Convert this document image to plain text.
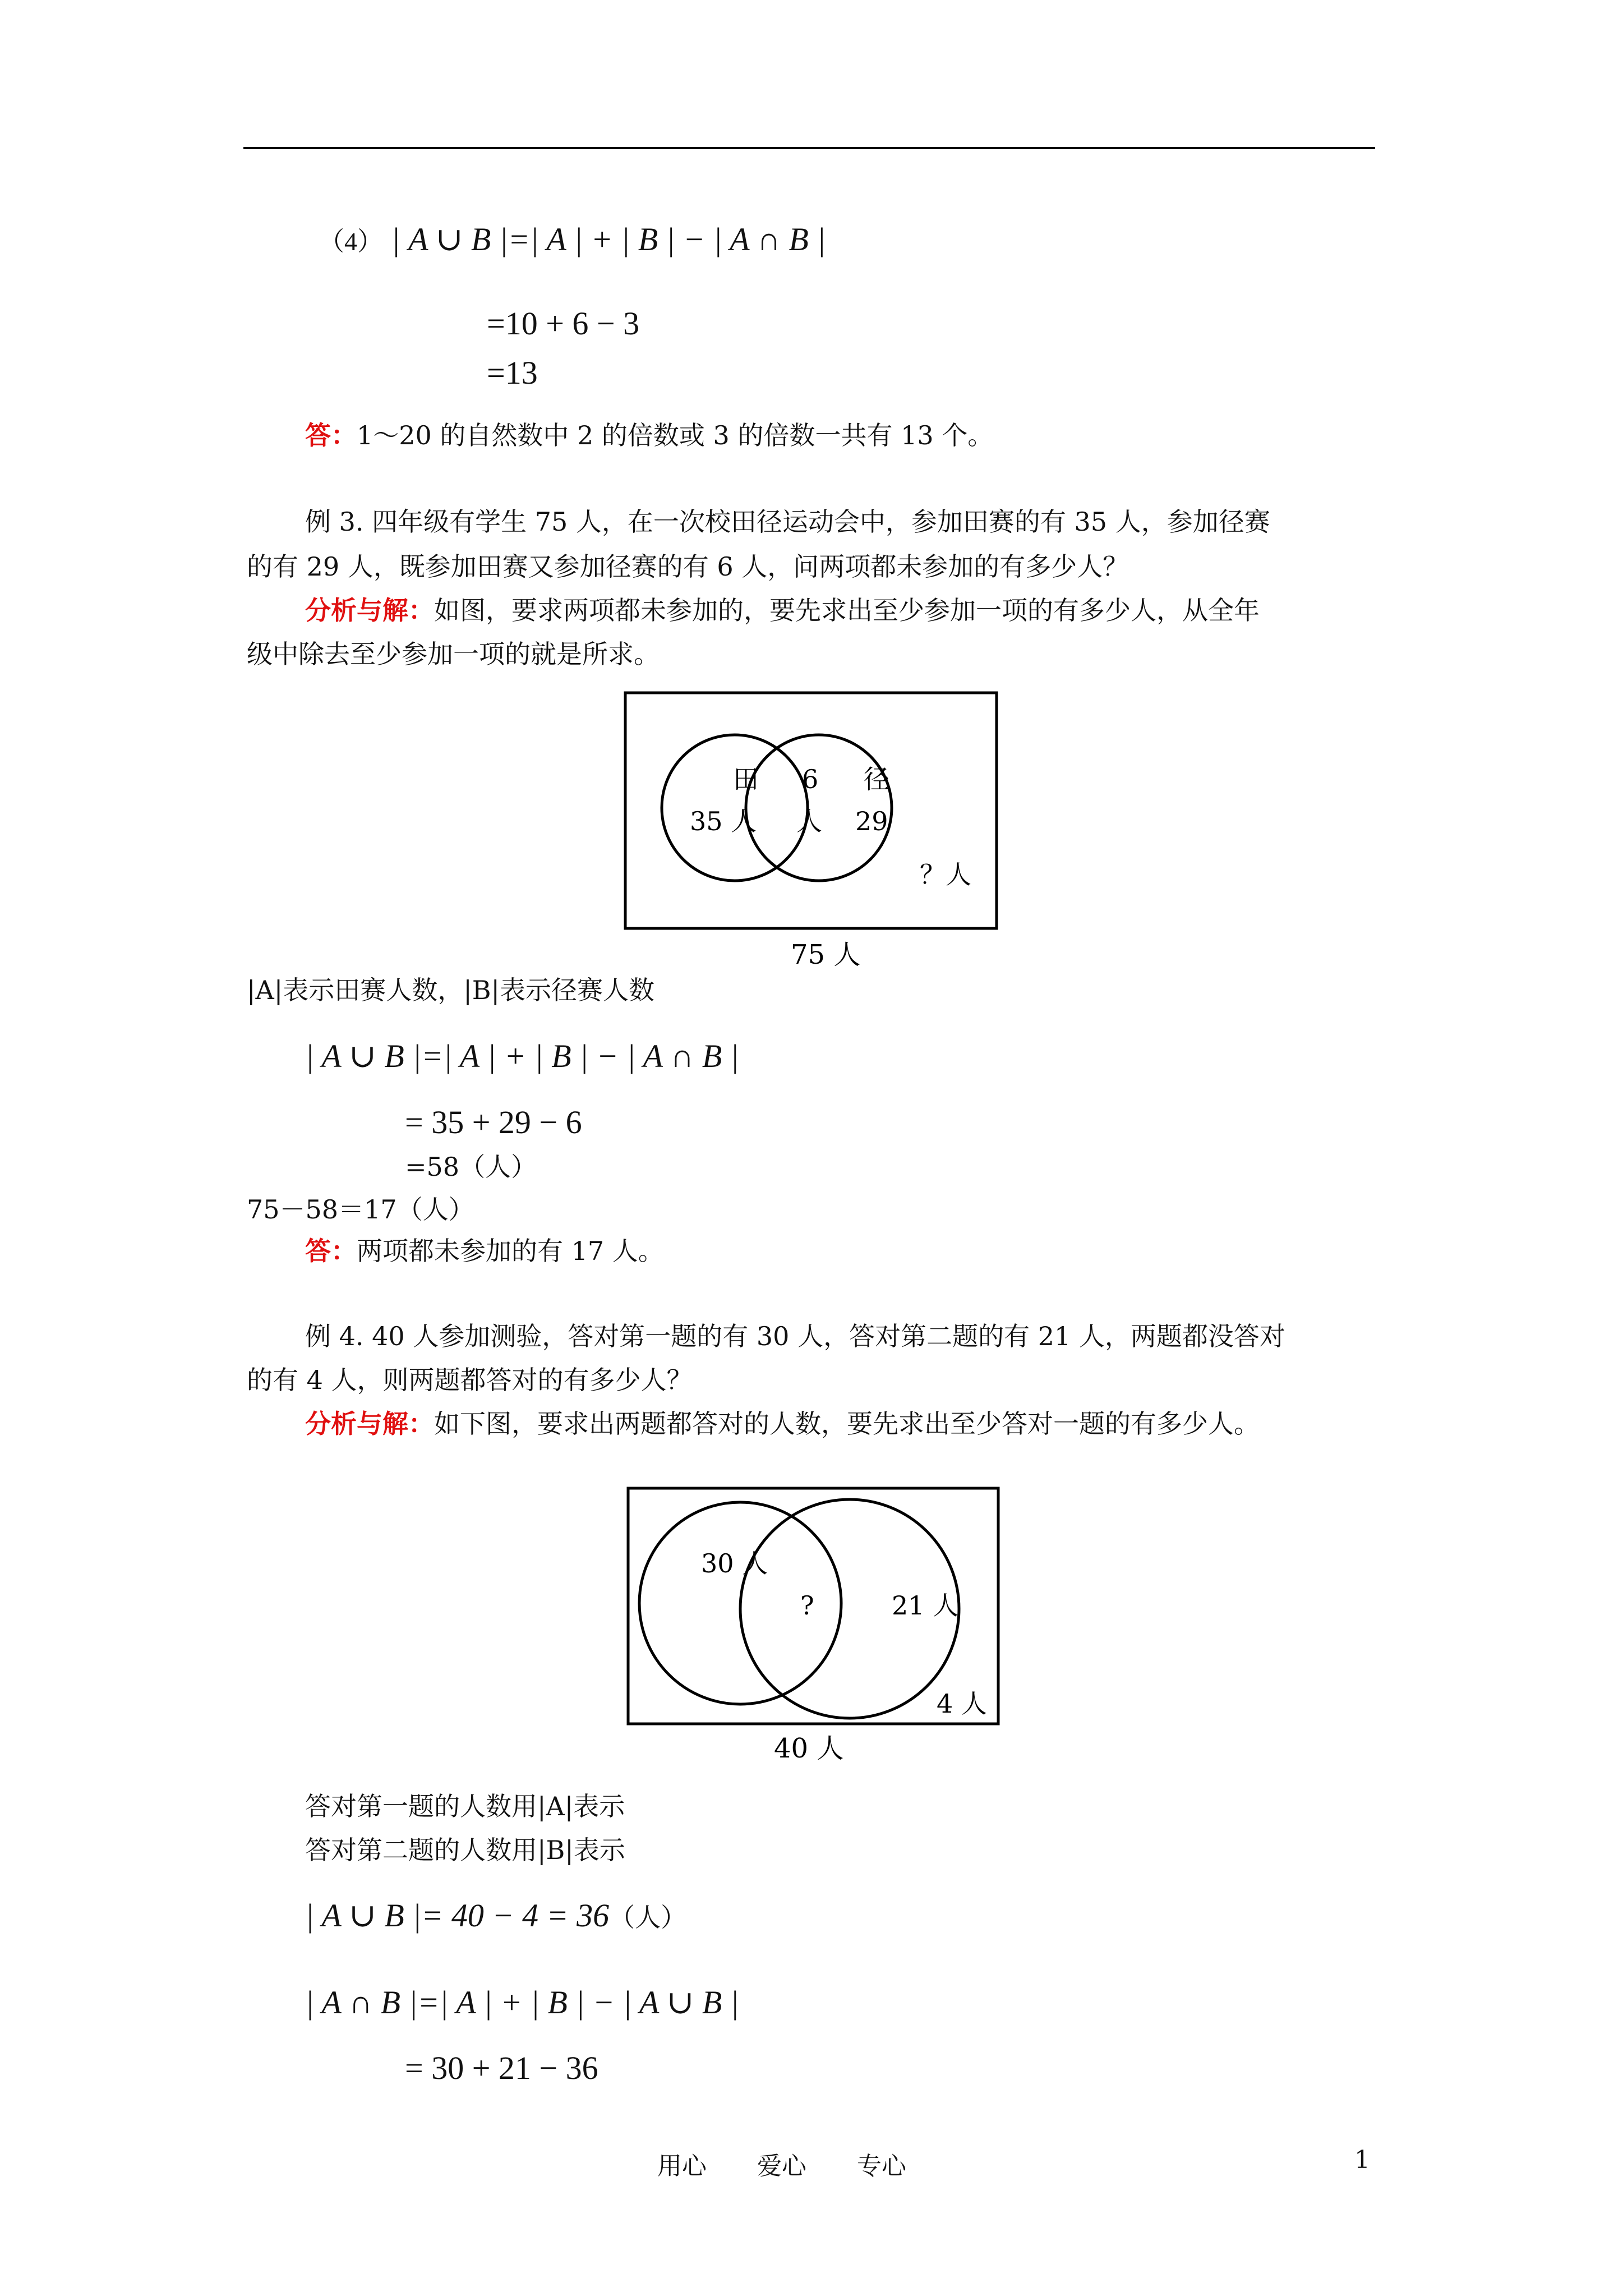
（4） | A ∪ B |=| A | + | B | − | A ∩ B |
=10 + 6 − 3
=13
答：1～20 的自然数中 2 的倍数或 3 的倍数一共有 13 个。
例 3. 四年级有学生 75 人，在一次校田径运动会中，参加田赛的有 35 人，参加径赛
的有 29 人，既参加田赛又参加径赛的有 6 人，问两项都未参加的有多少人？
分析与解：如图，要求两项都未参加的，要先求出至少参加一项的有多少人，从全年
级中除去至少参加一项的就是所求。
田
35 人
6
人
径
29
？人
75 人
|A|表示田赛人数，|B|表示径赛人数
| A ∪ B |=| A | + | B | − | A ∩ B |
= 35 + 29 − 6
=58（人）
75－58＝17（人）
答：两项都未参加的有 17 人。
例 4. 40 人参加测验，答对第一题的有 30 人，答对第二题的有 21 人，两题都没答对
的有 4 人，则两题都答对的有多少人？
分析与解：如下图，要求出两题都答对的人数，要先求出至少答对一题的有多少人。
30 人
?	21 人
4 人
40 人
答对第一题的人数用|A|表示
答对第二题的人数用|B|表示
| A ∪ B |= 40 − 4 = 36（人）
| A ∩ B |=| A | + | B | − | A ∪ B |
= 30 + 21 − 36
用心 爱心 专心	1
